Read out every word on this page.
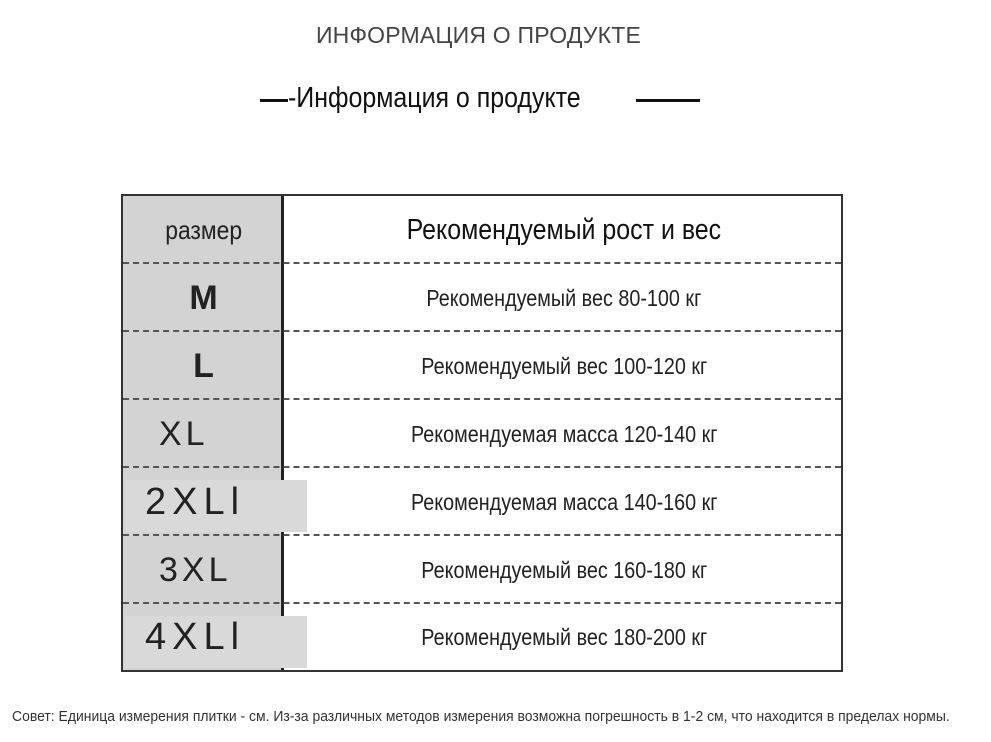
ИНФОРМАЦИЯ О ПРОДУКТЕ
-Информация о продукте
размер	Рекомендуемый рост и вес
M	Рекомендуемый вес 80-100 кг
L	Рекомендуемый вес 100-120 кг
XL	Рекомендуемая масса 120-140 кг
2XLl	Рекомендуемая масса 140-160 кг
3XL	Рекомендуемый вес 160-180 кг
4XLl	Рекомендуемый вес 180-200 кг
Совет: Единица измерения плитки - см. Из-за различных методов измерения возможна погрешность в 1-2 см, что находится в пределах нормы.
